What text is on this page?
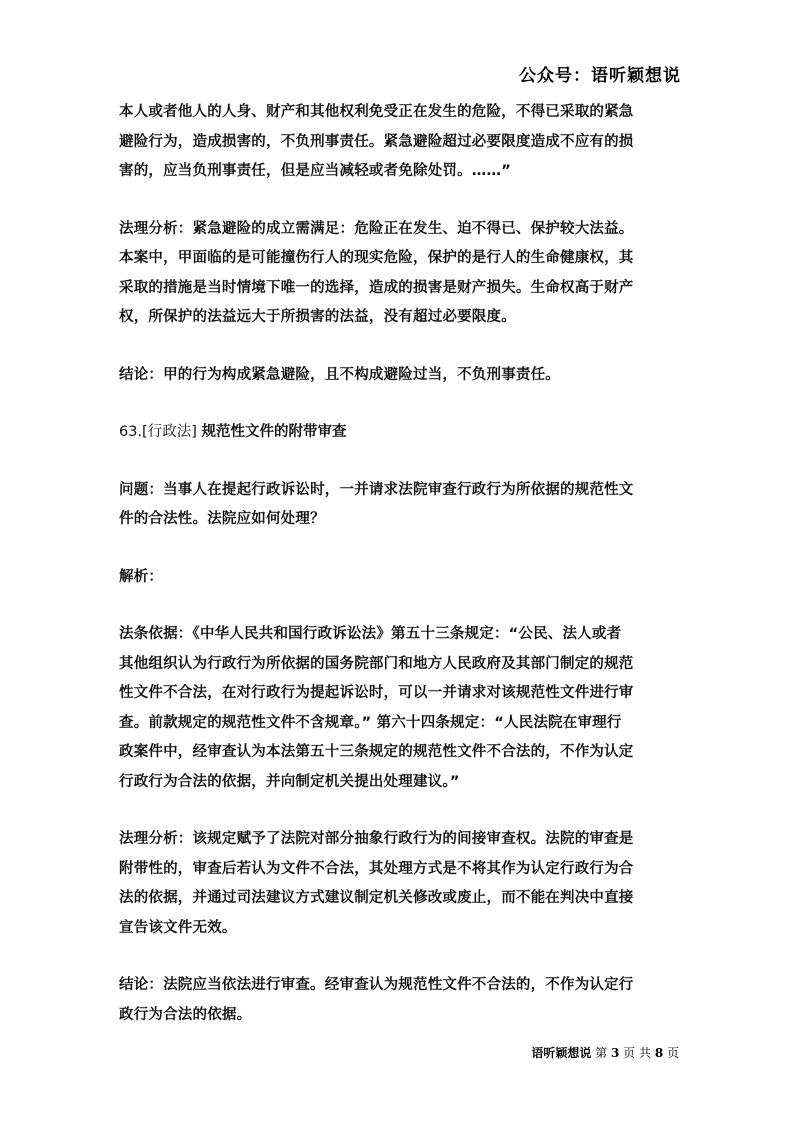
公众号：语听颖想说

本人或者他人的人身、财产和其他权利免受正在发生的危险，不得已采取的紧急
避险行为，造成损害的，不负刑事责任。紧急避险超过必要限度造成不应有的损
害的，应当负刑事责任，但是应当减轻或者免除处罚。……”

法理分析：紧急避险的成立需满足：危险正在发生、迫不得已、保护较大法益。
本案中，甲面临的是可能撞伤行人的现实危险，保护的是行人的生命健康权，其
采取的措施是当时情境下唯一的选择，造成的损害是财产损失。生命权高于财产
权，所保护的法益远大于所损害的法益，没有超过必要限度。

结论：甲的行为构成紧急避险，且不构成避险过当，不负刑事责任。

63.[行政法] 规范性文件的附带审查

问题：当事人在提起行政诉讼时，一并请求法院审查行政行为所依据的规范性文
件的合法性。法院应如何处理？

解析：

法条依据：《中华人民共和国行政诉讼法》第五十三条规定：“公民、法人或者
其他组织认为行政行为所依据的国务院部门和地方人民政府及其部门制定的规范
性文件不合法，在对行政行为提起诉讼时，可以一并请求对该规范性文件进行审
查。前款规定的规范性文件不含规章。” 第六十四条规定：“人民法院在审理行
政案件中，经审查认为本法第五十三条规定的规范性文件不合法的，不作为认定
行政行为合法的依据，并向制定机关提出处理建议。”

法理分析：该规定赋予了法院对部分抽象行政行为的间接审查权。法院的审查是
附带性的，审查后若认为文件不合法，其处理方式是不将其作为认定行政行为合
法的依据，并通过司法建议方式建议制定机关修改或废止，而不能在判决中直接
宣告该文件无效。

结论：法院应当依法进行审查。经审查认为规范性文件不合法的，不作为认定行
政行为合法的依据。

语听颖想说 第 3 页 共 8 页
